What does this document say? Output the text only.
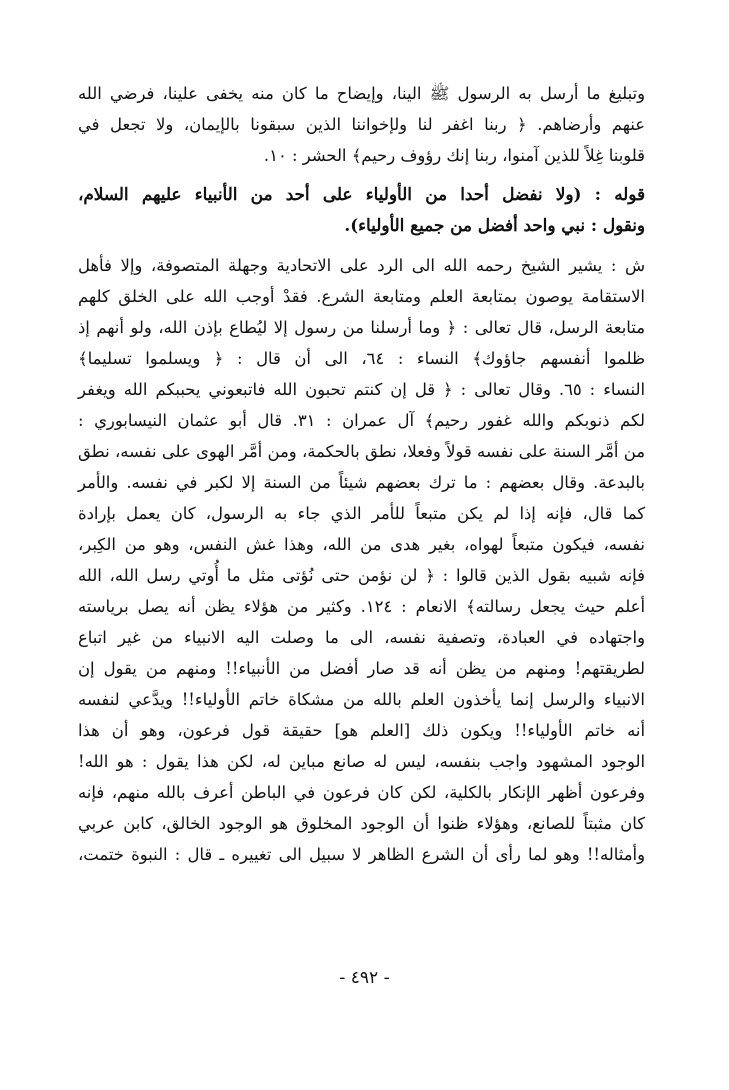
وتبليغ ما أرسل به الرسول ﷺ الينا، وإيضاح ما كان منه يخفى علينا، فرضي الله
عنهم وأرضاهم. ﴿ ربنا اغفر لنا ولإخواننا الذين سبقونا بالإيمان، ولا تجعل في
قلوبنا غِلاً للذين آمنوا، ربنا إنك رؤوف رحيم﴾ الحشر : ١٠.
قوله : (ولا نفضل أحدا من الأولياء على أحد من الأنبياء عليهم السلام،
ونقول : نبي واحد أفضل من جميع الأولياء).
ش : يشير الشيخ رحمه الله الى الرد على الاتحادية وجهلة المتصوفة، وإلا فأهل
الاستقامة يوصون بمتابعة العلم ومتابعة الشرع. فقدْ أوجب الله على الخلق كلهم
متابعة الرسل، قال تعالى : ﴿ وما أرسلنا من رسول إلا ليُطاع بإذن الله، ولو أنهم إذ
ظلموا أنفسهم جاؤوك﴾ النساء : ٦٤، الى أن قال : ﴿ ويسلموا تسليما﴾
النساء : ٦٥. وقال تعالى : ﴿ قل إن كنتم تحبون الله فاتبعوني يحببكم الله ويغفر
لكم ذنوبكم والله غفور رحيم﴾ آل عمران : ٣١. قال أبو عثمان النيسابوري :
من أمَّر السنة على نفسه قولاً وفعلا، نطق بالحكمة، ومن أمَّر الهوى على نفسه، نطق
بالبدعة. وقال بعضهم : ما ترك بعضهم شيئاً من السنة إلا لكبر في نفسه. والأمر
كما قال، فإنه إذا لم يكن متبعاً للأمر الذي جاء به الرسول، كان يعمل بإرادة
نفسه، فيكون متبعاً لهواه، بغير هدى من الله، وهذا غش النفس، وهو من الكِبر،
فإنه شبيه بقول الذين قالوا : ﴿ لن نؤمن حتى نُؤتى مثل ما أُوتي رسل الله، الله
أعلم حيث يجعل رسالته﴾ الانعام : ١٢٤. وكثير من هؤلاء يظن أنه يصل برياسته
واجتهاده في العبادة، وتصفية نفسه، الى ما وصلت اليه الانبياء من غير اتباع
لطريقتهم! ومنهم من يظن أنه قد صار أفضل من الأنبياء!! ومنهم من يقول إن
الانبياء والرسل إنما يأخذون العلم بالله من مشكاة خاتم الأولياء!! ويدَّعي لنفسه
أنه خاتم الأولياء!! ويكون ذلك [العلم هو] حقيقة قول فرعون، وهو أن هذا
الوجود المشهود واجب بنفسه، ليس له صانع مباين له، لكن هذا يقول : هو الله!
وفرعون أظهر الإنكار بالكلية، لكن كان فرعون في الباطن أعرف بالله منهم، فإنه
كان مثبتاً للصانع، وهؤلاء ظنوا أن الوجود المخلوق هو الوجود الخالق، كابن عربي
وأمثاله!! وهو لما رأى أن الشرع الظاهر لا سبيل الى تغييره ـ قال : النبوة ختمت،
- ٤٩٢ -
